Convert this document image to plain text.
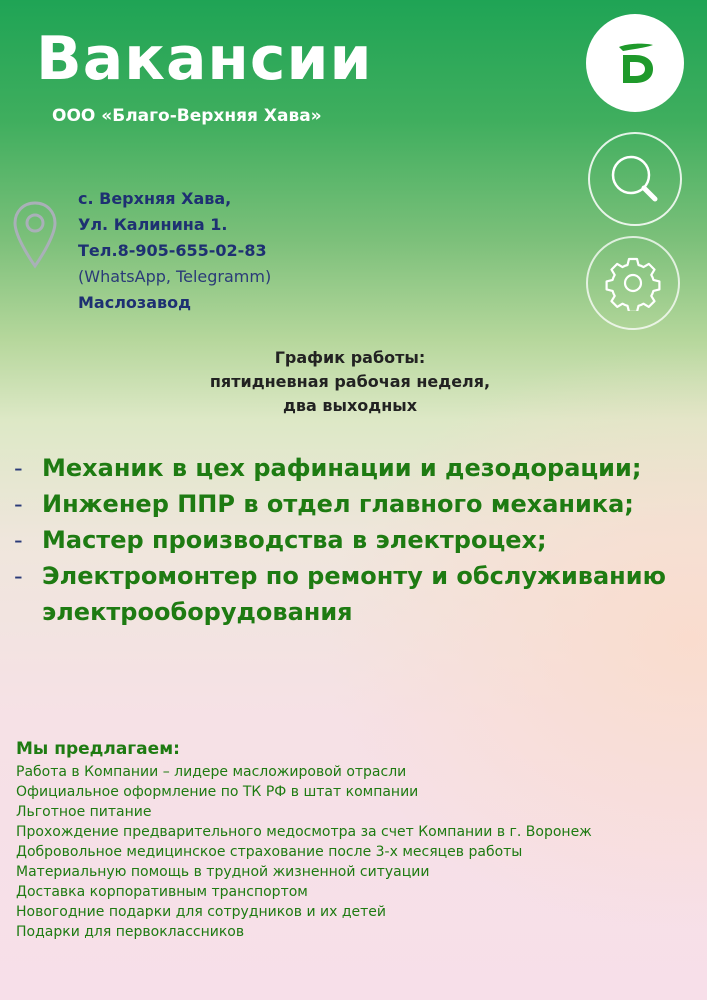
Вакансии
ООО «Благо-Верхняя Хава»
с. Верхняя Хава,
Ул. Калинина 1.
Тел.8-905-655-02-83
(WhatsApp, Telegramm)
Маслозавод
График работы:
пятидневная рабочая неделя,
два выходных
- Механик в цех рафинации и дезодорации;
- Инженер ППР в отдел главного механика;
- Мастер производства в электроцех;
- Электромонтер по ремонту и обслуживанию электрооборудования
Мы предлагаем:
Работа в Компании – лидере масложировой отрасли
Официальное оформление по ТК РФ в штат компании
Льготное питание
Прохождение предварительного медосмотра за счет Компании в г. Воронеж
Добровольное медицинское страхование после 3-х месяцев работы
Материальную помощь в трудной жизненной ситуации
Доставка корпоративным транспортом
Новогодние подарки для сотрудников и их детей
Подарки для первоклассников
